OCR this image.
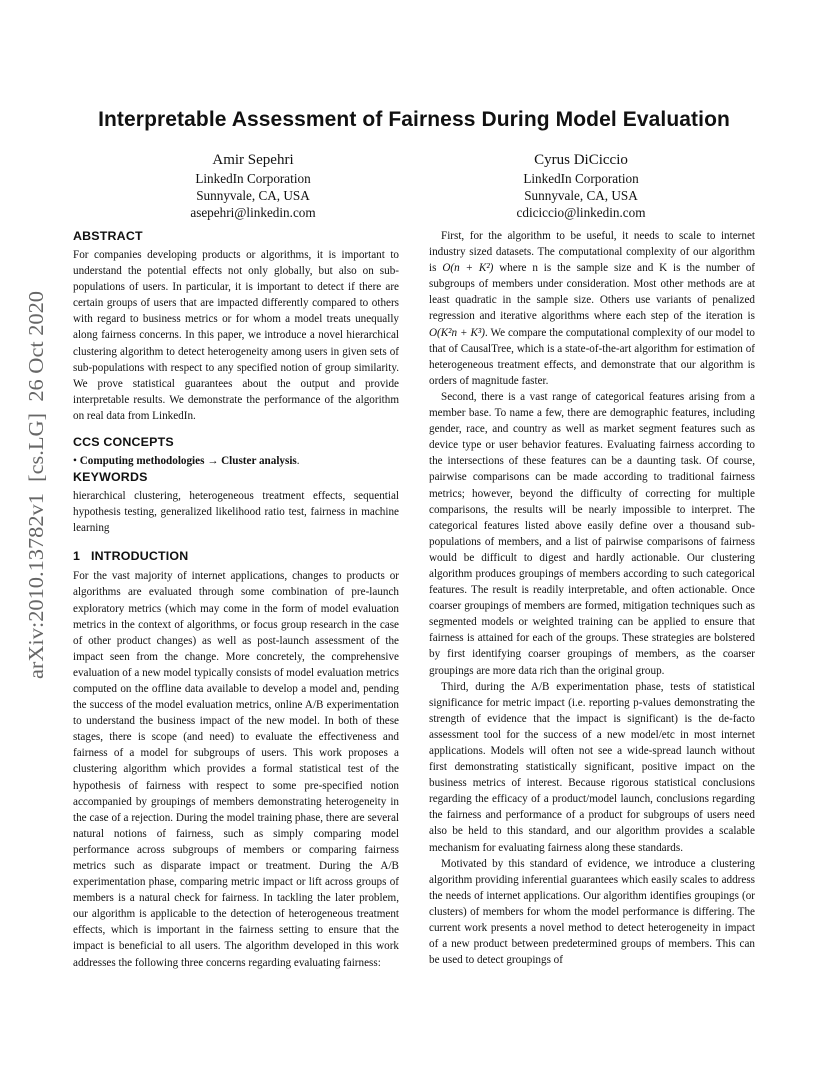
Interpretable Assessment of Fairness During Model Evaluation
Amir Sepehri
LinkedIn Corporation
Sunnyvale, CA, USA
asepehri@linkedin.com
Cyrus DiCiccio
LinkedIn Corporation
Sunnyvale, CA, USA
cdiciccio@linkedin.com
arXiv:2010.13782v1  [cs.LG]  26 Oct 2020
ABSTRACT

For companies developing products or algorithms, it is important to understand the potential effects not only globally, but also on sub-populations of users. In particular, it is important to detect if there are certain groups of users that are impacted differently compared to others with regard to business metrics or for whom a model treats unequally along fairness concerns. In this paper, we introduce a novel hierarchical clustering algorithm to detect heterogeneity among users in given sets of sub-populations with respect to any specified notion of group similarity. We prove statistical guarantees about the output and provide interpretable results. We demonstrate the performance of the algorithm on real data from LinkedIn.

CCS CONCEPTS

• Computing methodologies → Cluster analysis.

KEYWORDS

hierarchical clustering, heterogeneous treatment effects, sequential hypothesis testing, generalized likelihood ratio test, fairness in machine learning

1   INTRODUCTION

For the vast majority of internet applications, changes to products or algorithms are evaluated through some combination of pre-launch exploratory metrics (which may come in the form of model evaluation metrics in the context of algorithms, or focus group research in the case of other product changes) as well as post-launch assessment of the impact seen from the change. More concretely, the comprehensive evaluation of a new model typically consists of model evaluation metrics computed on the offline data available to develop a model and, pending the success of the model evaluation metrics, online A/B experimentation to understand the business impact of the new model. In both of these stages, there is scope (and need) to evaluate the effectiveness and fairness of a model for subgroups of users. This work proposes a clustering algorithm which provides a formal statistical test of the hypothesis of fairness with respect to some pre-specified notion accompanied by groupings of members demonstrating heterogeneity in the case of a rejection. During the model training phase, there are several natural notions of fairness, such as simply comparing model performance across subgroups of members or comparing fairness metrics such as disparate impact or treatment. During the A/B experimentation phase, comparing metric impact or lift across groups of members is a natural check for fairness. In tackling the later problem, our algorithm is applicable to the detection of heterogeneous treatment effects, which is important in the fairness setting to ensure that the impact is beneficial to all users. The algorithm developed in this work addresses the following three concerns regarding evaluating fairness:

First, for the algorithm to be useful, it needs to scale to internet industry sized datasets. The computational complexity of our algorithm is O(n + K²) where n is the sample size and K is the number of subgroups of members under consideration. Most other methods are at least quadratic in the sample size. Others use variants of penalized regression and iterative algorithms where each step of the iteration is O(K²n + K³). We compare the computational complexity of our model to that of CausalTree, which is a state-of-the-art algorithm for estimation of heterogeneous treatment effects, and demonstrate that our algorithm is orders of magnitude faster.

Second, there is a vast range of categorical features arising from a member base. To name a few, there are demographic features, including gender, race, and country as well as market segment features such as device type or user behavior features. Evaluating fairness according to the intersections of these features can be a daunting task. Of course, pairwise comparisons can be made according to traditional fairness metrics; however, beyond the difficulty of correcting for multiple comparisons, the results will be nearly impossible to interpret. The categorical features listed above easily define over a thousand sub-populations of members, and a list of pairwise comparisons of fairness would be difficult to digest and hardly actionable. Our clustering algorithm produces groupings of members according to such categorical features. The result is readily interpretable, and often actionable. Once coarser groupings of members are formed, mitigation techniques such as segmented models or weighted training can be applied to ensure that fairness is attained for each of the groups. These strategies are bolstered by first identifying coarser groupings of members, as the coarser groupings are more data rich than the original group.

Third, during the A/B experimentation phase, tests of statistical significance for metric impact (i.e. reporting p-values demonstrating the strength of evidence that the impact is significant) is the de-facto assessment tool for the success of a new model/etc in most internet applications. Models will often not see a wide-spread launch without first demonstrating statistically significant, positive impact on the business metrics of interest. Because rigorous statistical conclusions regarding the efficacy of a product/model launch, conclusions regarding the fairness and performance of a product for subgroups of users need also be held to this standard, and our algorithm provides a scalable mechanism for evaluating fairness along these standards.

Motivated by this standard of evidence, we introduce a clustering algorithm providing inferential guarantees which easily scales to address the needs of internet applications. Our algorithm identifies groupings (or clusters) of members for whom the model performance is differing. The current work presents a novel method to detect heterogeneity in impact of a new product between predetermined groups of members. This can be used to detect groupings of
